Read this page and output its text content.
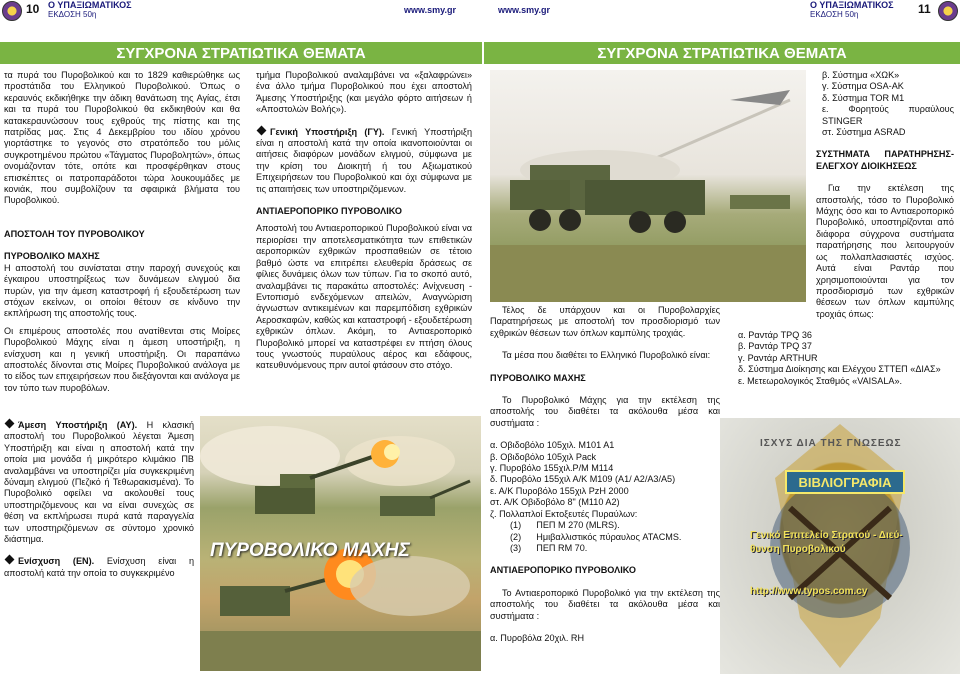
10 Ο ΥΠΑΞΙΩΜΑΤΙΚΟΣ
ΕΚΔΟΣΗ 50η	www.smy.gr
ΣΥΓΧΡΟΝΑ ΣΤΡΑΤΙΩΤΙΚΑ ΘΕΜΑΤΑ

τα πυρά του Πυροβολικού και το 1829 καθιερώθηκε ως προστάτιδα του Ελληνικού Πυροβολικού. Όπως ο κεραυνός εκδικήθηκε την άδικη θανάτωση της Αγίας, έτσι και τα πυρά του Πυροβολικού θα εκδικηθούν και θα κατακεραυνώσουν τους εχθρούς της πίστης και της πατρίδας μας. Στις 4 Δεκεμβρίου του ιδίου χρόνου γιορτάστηκε το γεγονός στο στρατόπεδο του μόλις συγκροτημένου πρώτου «Τάγματος Πυροβολητών», όπως ονομάζονταν τότε, οπότε και προσφέρθηκαν στους επισκέπτες οι πατροπαράδοτοι τώρα λουκουμάδες με κονιάκ, που συμβολίζουν τα σφαιρικά βλήματα του Πυροβολικού.

ΑΠΟΣΤΟΛΗ ΤΟΥ ΠΥΡΟΒΟΛΙΚΟΥ

ΠΥΡΟΒΟΛΙΚΟ ΜΑΧΗΣ

Η αποστολή του συνίσταται στην παροχή συνεχούς και έγκαιρου υποστηρίξεως των δυνάμεων ελιγμού δια πυρών, για την άμεση καταστροφή ή εξουδετέρωση των στόχων εκείνων, οι οποίοι θέτουν σε κίνδυνο την εκπλήρωση της αποστολής τους.

Οι επιμέρους αποστολές που ανατίθενται στις Μοίρες Πυροβολικού Μάχης είναι η άμεση υποστήριξη, η ενίσχυση και η γενική υποστήριξη. Οι παραπάνω αποστολές δίνονται στις Μοίρες Πυροβολικού ανάλογα με το είδος των επιχειρήσεων που διεξάγονται και ανάλογα με τον τύπο των πυροβόλων.

Άμεση Υποστήριξη (ΑΥ). Η κλασική αποστολή του Πυροβολικού λέγεται Άμεση Υποστήριξη και είναι η αποστολή κατά την οποία μια μονάδα ή μικρότερο κλιμάκιο ΠΒ αναλαμβάνει να υποστηρίζει μία συγκεκριμένη δύναμη ελιγμού (Πεζικό ή Τεθωρακισμένα). Το Πυροβολικό οφείλει να ακολουθεί τους υποστηριζόμενους και να είναι συνεχώς σε θέση να εκπλήρωσει πυρά κατά παραγγελία των υποστηριζόμενων σε σύντομο χρονικό διάστημα.

Ενίσχυση (ΕΝ). Ενίσχυση είναι η αποστολή κατά την οποία το συγκεκριμένο

τμήμα Πυροβολικού αναλαμβάνει να «ξαλαφρώνει» ένα άλλο τμήμα Πυροβολικού που έχει αποστολή Άμεσης Υποστήριξης (και μεγάλο φόρτο αιτήσεων ή «Αποστολών Βολής»).

Γενική Υποστήριξη (ΓΥ). Γενική Υποστήριξη είναι η αποστολή κατά την οποία ικανοποιούνται οι αιτήσεις διαφόρων μονάδων ελιγμού, σύμφωνα με την κρίση του Διοικητή ή του Αξιωματικού Επιχειρήσεων του Πυροβολικού και όχι σύμφωνα με τις απαιτήσεις των υποστηριζόμενων.

ΑΝΤΙΑΕΡΟΠΟΡΙΚΟ ΠΥΡΟΒΟΛΙΚΟ

Αποστολή του Αντιαεροπορικού Πυροβολικού είναι να περιορίσει την αποτελεσματικότητα των επιθετικών αεροπορικών εχθρικών προσπαθειών σε τέτοιο βαθμό ώστε να επιτρέπει ελευθερία δράσεως σε φίλιες δυνάμεις όλων των τύπων. Για το σκοπό αυτό, αναλαμβάνει τις παρακάτω αποστολές: Ανίχνευση - Εντοπισμό ενδεχόμενων απειλών, Αναγνώριση άγνωστων αντικειμένων και παρεμπόδιση εχθρικών Αεροσκαφών, καθώς και καταστροφή - εξουδετέρωση εχθρικών όπλων. Ακόμη, το Αντιαεροπορικό Πυροβολικό μπορεί να καταστρέφει εν πτήση όλους τους γνωστούς πυραύλους αέρος και εδάφους, κατευθυνόμενους πριν αυτοί φτάσουν στο στόχο.

ΠΥΡΟΒΟΛΙΚΟ ΜΑΧΗΣ
www.smy.gr	Ο ΥΠΑΞΙΩΜΑΤΙΚΟΣ
ΕΚΔΟΣΗ 50η	11
ΣΥΓΧΡΟΝΑ ΣΤΡΑΤΙΩΤΙΚΑ ΘΕΜΑΤΑ

Τέλος δε υπάρχουν και οι Πυροβολαρχίες Παρατηρήσεως με αποστολή τον προσδιορισμό των εχθρικών θέσεων των όπλων καμπύλης τροχιάς.

Τα μέσα που διαθέτει το Ελληνικό Πυροβολικό είναι:

ΠΥΡΟΒΟΛΙΚΟ ΜΑΧΗΣ

Το Πυροβολικό Μάχης για την εκτέλεση της αποστολής του διαθέτει τα ακόλουθα μέσα και συστήματα :

α. Οβιδοβόλο 105χιλ. M101 A1
β. Οβιδοβόλο 105χιλ Pack
γ. Πυροβόλο 155χιλ.Ρ/Μ M114
δ. Πυροβόλο 155χιλ Α/Κ M109 (A1/ A2/A3/A5)
ε. Α/Κ Πυροβόλο 155χιλ PzH 2000
στ. Α/Κ Οβιδοβόλο 8" (M110 A2)
ζ. Πολλαπλοί Εκτοξευτές Πυραύλων:
(1)      ΠΕΠ Μ 270 (MLRS).
(2)      Ημιβαλλιστικός πύραυλος ATACMS.
(3)      ΠΕΠ RM 70.

ΑΝΤΙΑΕΡΟΠΟΡΙΚΟ ΠΥΡΟΒΟΛΙΚΟ

Το Αντιαεροπορικό Πυροβολικό για την εκτέλεση της αποστολής του διαθέτει τα ακόλουθα μέσα και συστήματα :

α. Πυροβόλα 20χιλ. RH
β. Σύστημα «ΧΩΚ»
γ. Σύστημα OSA-AK
δ. Σύστημα TOR M1
ε. Φορητούς πυραύλους STINGER
στ. Σύστημα ASRAD

ΣΥΣΤΗΜΑΤΑ ΠΑΡΑΤΗΡΗΣΗΣ-ΕΛΕΓΧΟΥ ΔΙΟΙΚΗΣΕΩΣ

Για την εκτέλεση της αποστολής, τόσο το Πυροβολικό Μάχης όσο και το Αντιαεροπορικό Πυροβολικό, υποστηρίζονται από διάφορα σύγχρονα συστήματα παρατήρησης που λειτουργούν ως πολλαπλασιαστές ισχύος. Αυτά είναι Ραντάρ που χρησιμοποιούνται για τον προσδιορισμό των εχθρικών θέσεων των όπλων καμπύλης τροχιάς όπως:

α. Ραντάρ TPQ 36
β. Ραντάρ TPQ 37
γ. Ραντάρ ARTHUR
δ. Σύστημα Διοίκησης και Ελέγχου ΣΤΤΕΠ «ΔΙΑΣ»
ε. Μετεωρολογικός Σταθμός «VAISALA».
ΙΣΧΥΣ ΔΙΑ ΤΗΣ ΓΝΩΣΕΩΣ
ΒΙΒΛΙΟΓΡΑΦΙΑ
Γενικό Επιτελείο Στρατού - Διεύ-
θυνση Πυροβολικού
http://www.typos.com.cy
